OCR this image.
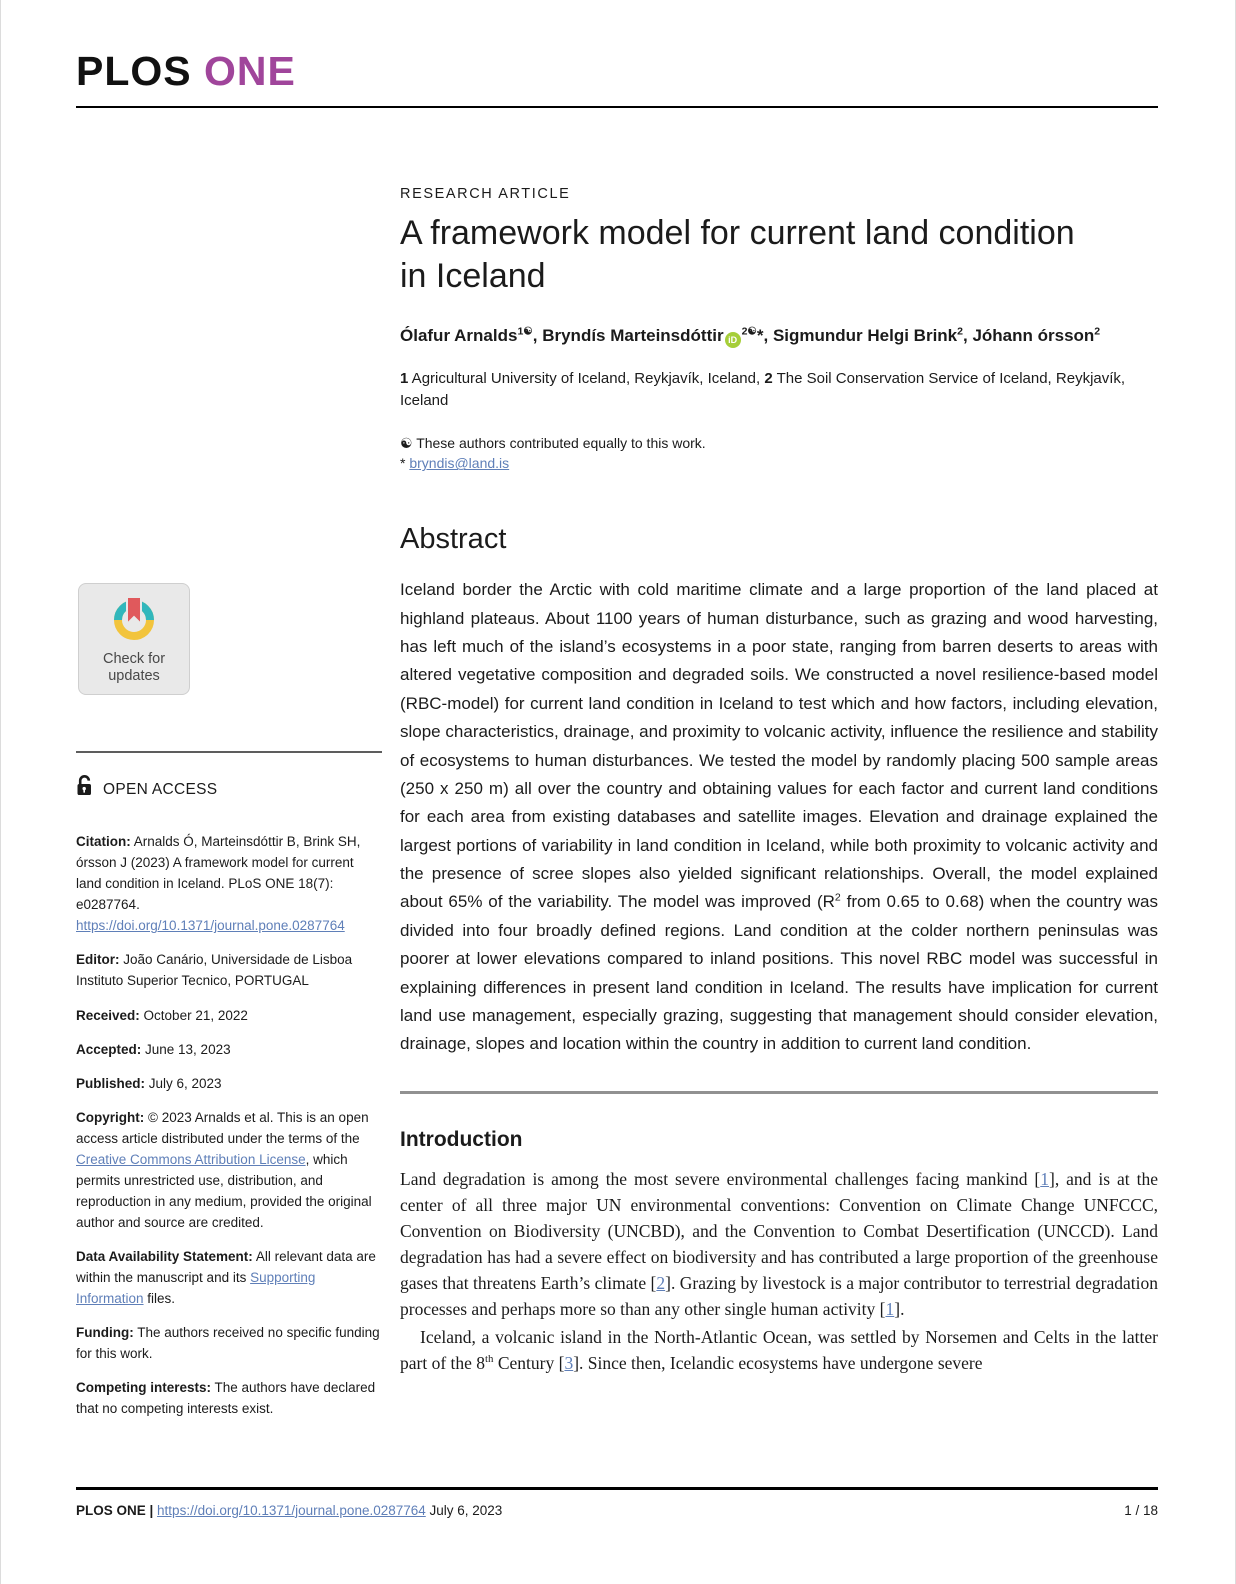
PLOS ONE
Check for
updates
OPEN ACCESS

Citation: Arnalds Ó, Marteinsdóttir B, Brink SH, órsson J (2023) A framework model for current land condition in Iceland. PLoS ONE 18(7): e0287764. https://doi.org/10.1371/journal.pone.0287764

Editor: João Canário, Universidade de Lisboa Instituto Superior Tecnico, PORTUGAL

Received: October 21, 2022

Accepted: June 13, 2023

Published: July 6, 2023

Copyright: © 2023 Arnalds et al. This is an open access article distributed under the terms of the Creative Commons Attribution License, which permits unrestricted use, distribution, and reproduction in any medium, provided the original author and source are credited.

Data Availability Statement: All relevant data are within the manuscript and its Supporting Information files.

Funding: The authors received no specific funding for this work.

Competing interests: The authors have declared that no competing interests exist.

RESEARCH ARTICLE

A framework model for current land condition
in Iceland

Ólafur Arnalds$^{1☯}$, Bryndís Marteinsdóttir $iD^{2☯}*$, Sigmundur Helgi Brink$^2$, Jóhann órsson$^2$

1 Agricultural University of Iceland, Reykjavík, Iceland, 2 The Soil Conservation Service of Iceland, Reykjavík, Iceland

☯ These authors contributed equally to this work.

* bryndis@land.is

Abstract

Iceland border the Arctic with cold maritime climate and a large proportion of the land placed at highland plateaus. About 1100 years of human disturbance, such as grazing and wood harvesting, has left much of the island’s ecosystems in a poor state, ranging from barren deserts to areas with altered vegetative composition and degraded soils. We constructed a novel resilience-based model (RBC-model) for current land condition in Iceland to test which and how factors, including elevation, slope characteristics, drainage, and proximity to volcanic activity, influence the resilience and stability of ecosystems to human disturbances. We tested the model by randomly placing 500 sample areas (250 x 250 m) all over the country and obtaining values for each factor and current land conditions for each area from existing databases and satellite images. Elevation and drainage explained the largest portions of variability in land condition in Iceland, while both proximity to volcanic activity and the presence of scree slopes also yielded significant relationships. Overall, the model explained about 65% of the variability. The model was improved ($R^2$ from 0.65 to 0.68) when the country was divided into four broadly defined regions. Land condition at the colder northern peninsulas was poorer at lower elevations compared to inland positions. This novel RBC model was successful in explaining differences in present land condition in Iceland. The results have implication for current land use management, especially grazing, suggesting that management should consider elevation, drainage, slopes and location within the country in addition to current land condition.

Introduction

Land degradation is among the most severe environmental challenges facing mankind [1], and is at the center of all three major UN environmental conventions: Convention on Climate Change UNFCCC, Convention on Biodiversity (UNCBD), and the Convention to Combat Desertification (UNCCD). Land degradation has had a severe effect on biodiversity and has contributed a large proportion of the greenhouse gases that threatens Earth’s climate [2]. Grazing by livestock is a major contributor to terrestrial degradation processes and perhaps more so than any other single human activity [1].

Iceland, a volcanic island in the North-Atlantic Ocean, was settled by Norsemen and Celts in the latter part of the 8th Century [3]. Since then, Icelandic ecosystems have undergone severe

PLOS ONE | https://doi.org/10.1371/journal.pone.0287764 July 6, 2023	1 / 18
